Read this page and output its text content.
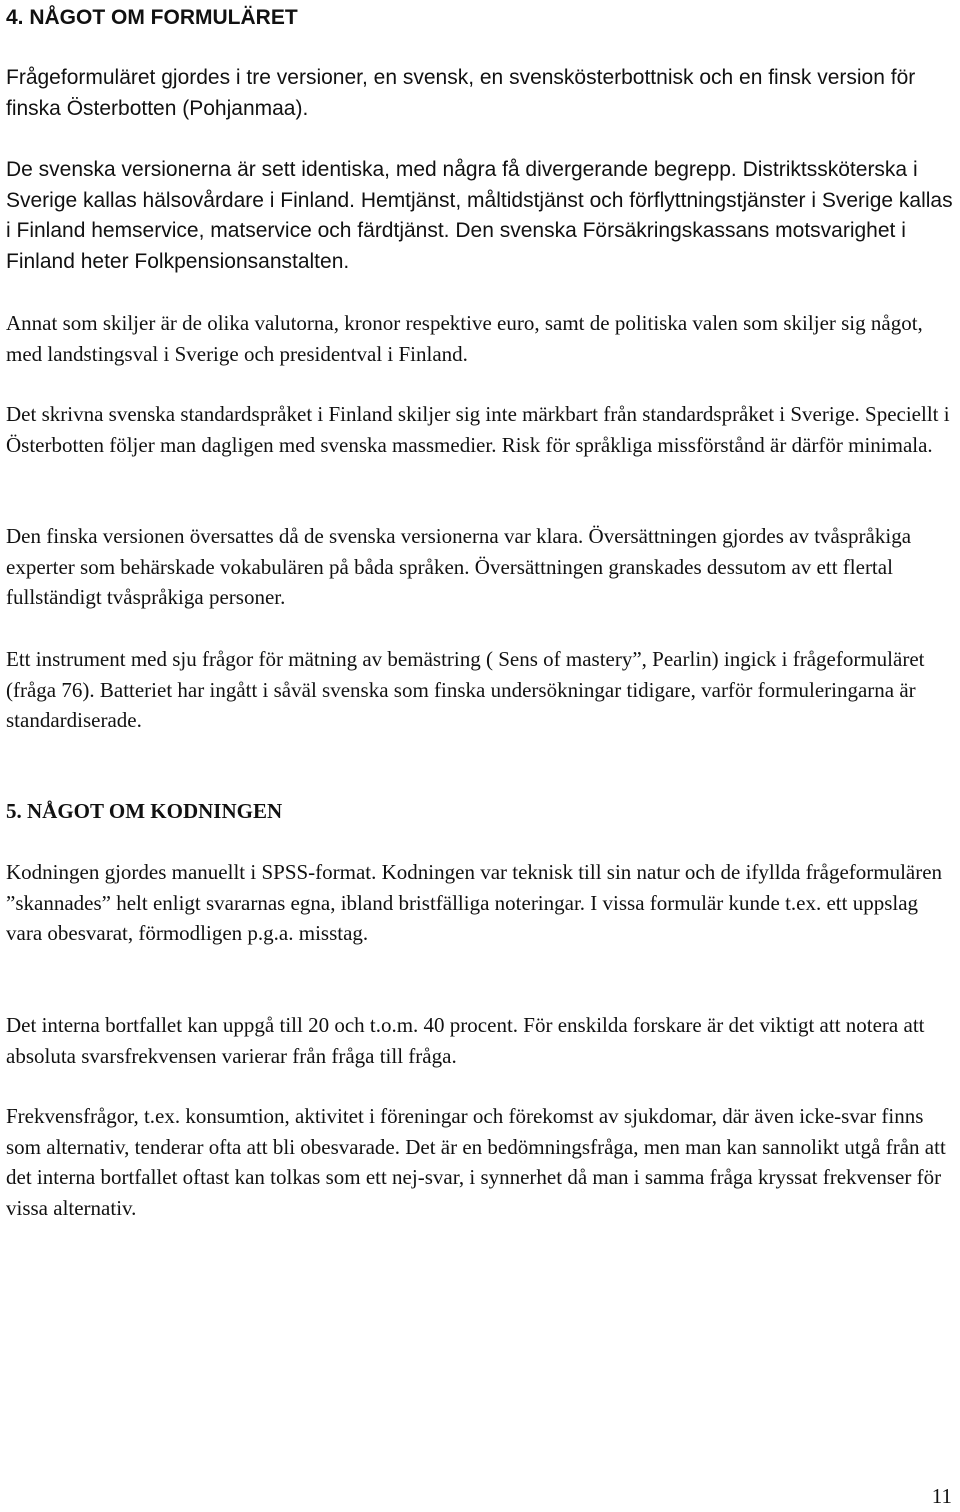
4. NÅGOT OM FORMULÄRET

Frågeformuläret gjordes i tre versioner, en svensk, en svenskösterbottnisk och en finsk version för finska Österbotten (Pohjanmaa).

De svenska versionerna är sett identiska, med några få divergerande begrepp. Distriktssköterska i Sverige kallas hälsovårdare i Finland. Hemtjänst, måltidstjänst och förflyttningstjänster i Sverige kallas i Finland hemservice, matservice och färdtjänst. Den svenska Försäkringskassans motsvarighet i Finland heter Folkpensionsanstalten.

Annat som skiljer är de olika valutorna, kronor respektive euro, samt de politiska valen som skiljer sig något, med landstingsval i Sverige och presidentval i Finland.

Det skrivna svenska standardspråket i Finland skiljer sig inte märkbart från standardspråket i Sverige. Speciellt i Österbotten följer man dagligen med svenska massmedier. Risk för språkliga missförstånd är därför minimala.

Den finska versionen översattes då de svenska versionerna var klara. Översättningen gjordes av tvåspråkiga experter som behärskade vokabulären på båda språken. Översättningen granskades dessutom av ett flertal fullständigt tvåspråkiga personer.

Ett instrument med sju frågor för mätning av bemästring ( Sens of mastery”, Pearlin) ingick i frågeformuläret (fråga 76). Batteriet har ingått i såväl svenska som finska undersökningar tidigare, varför formuleringarna är standardiserade.

5. NÅGOT OM KODNINGEN

Kodningen gjordes manuellt i SPSS-format. Kodningen var teknisk till sin natur och de ifyllda frågeformulären ”skannades” helt enligt svararnas egna, ibland bristfälliga noteringar. I vissa formulär kunde t.ex. ett uppslag vara obesvarat, förmodligen p.g.a. misstag.

Det interna bortfallet kan uppgå till 20 och t.o.m. 40 procent. För enskilda forskare är det viktigt att notera att absoluta svarsfrekvensen varierar från fråga till fråga.

Frekvensfrågor, t.ex. konsumtion, aktivitet i föreningar och förekomst av sjukdomar, där även icke-svar finns som alternativ, tenderar ofta att bli obesvarade. Det är en bedömningsfråga, men man kan sannolikt utgå från att det interna bortfallet oftast kan tolkas som ett nej-svar, i synnerhet då man i samma fråga kryssat frekvenser för vissa alternativ.

11
